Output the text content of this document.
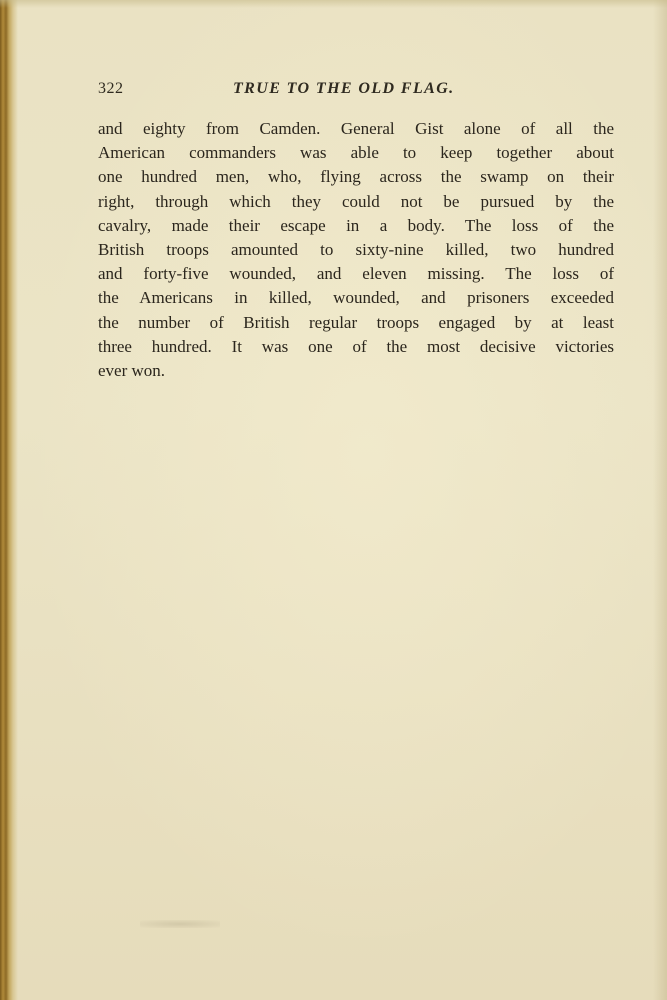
322	TRUE TO THE OLD FLAG.
and eighty from Camden. General Gist alone of all the
American commanders was able to keep together about
one hundred men, who, flying across the swamp on their
right, through which they could not be pursued by the
cavalry, made their escape in a body. The loss of the
British troops amounted to sixty-nine killed, two hundred
and forty-five wounded, and eleven missing. The loss of
the Americans in killed, wounded, and prisoners exceeded
the number of British regular troops engaged by at least
three hundred. It was one of the most decisive victories
ever won.
